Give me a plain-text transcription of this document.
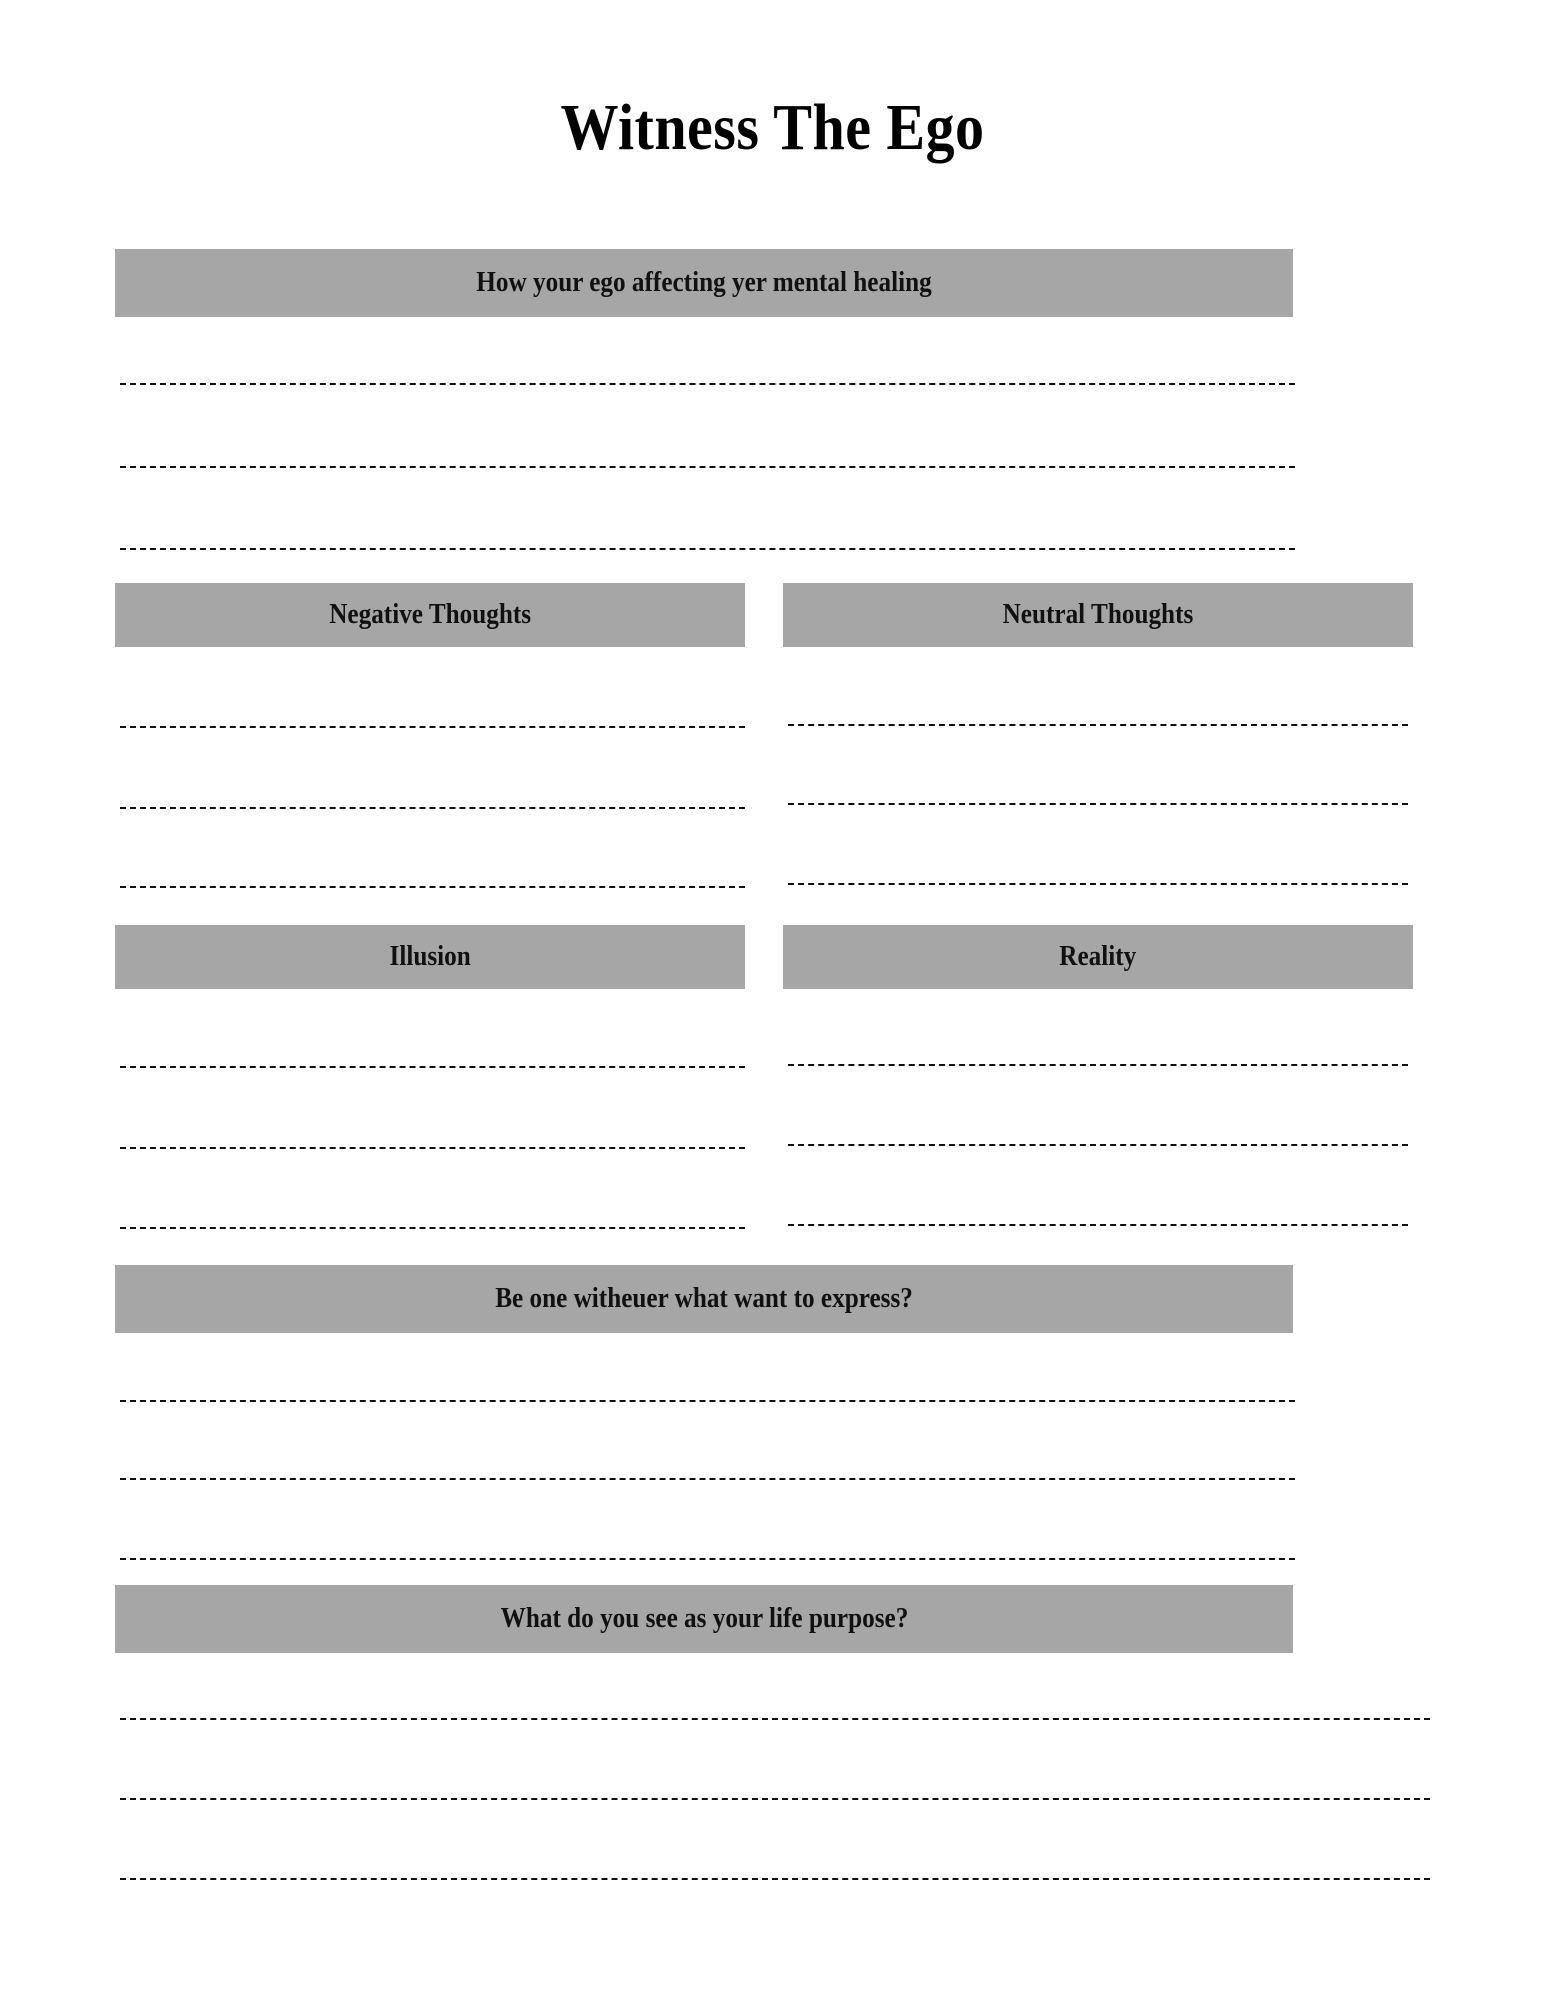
Witness The Ego
How your ego affecting yer mental healing
Negative Thoughts	Neutral Thoughts
Illusion	Reality
Be one witheuer what want to express?
What do you see as your life purpose?
